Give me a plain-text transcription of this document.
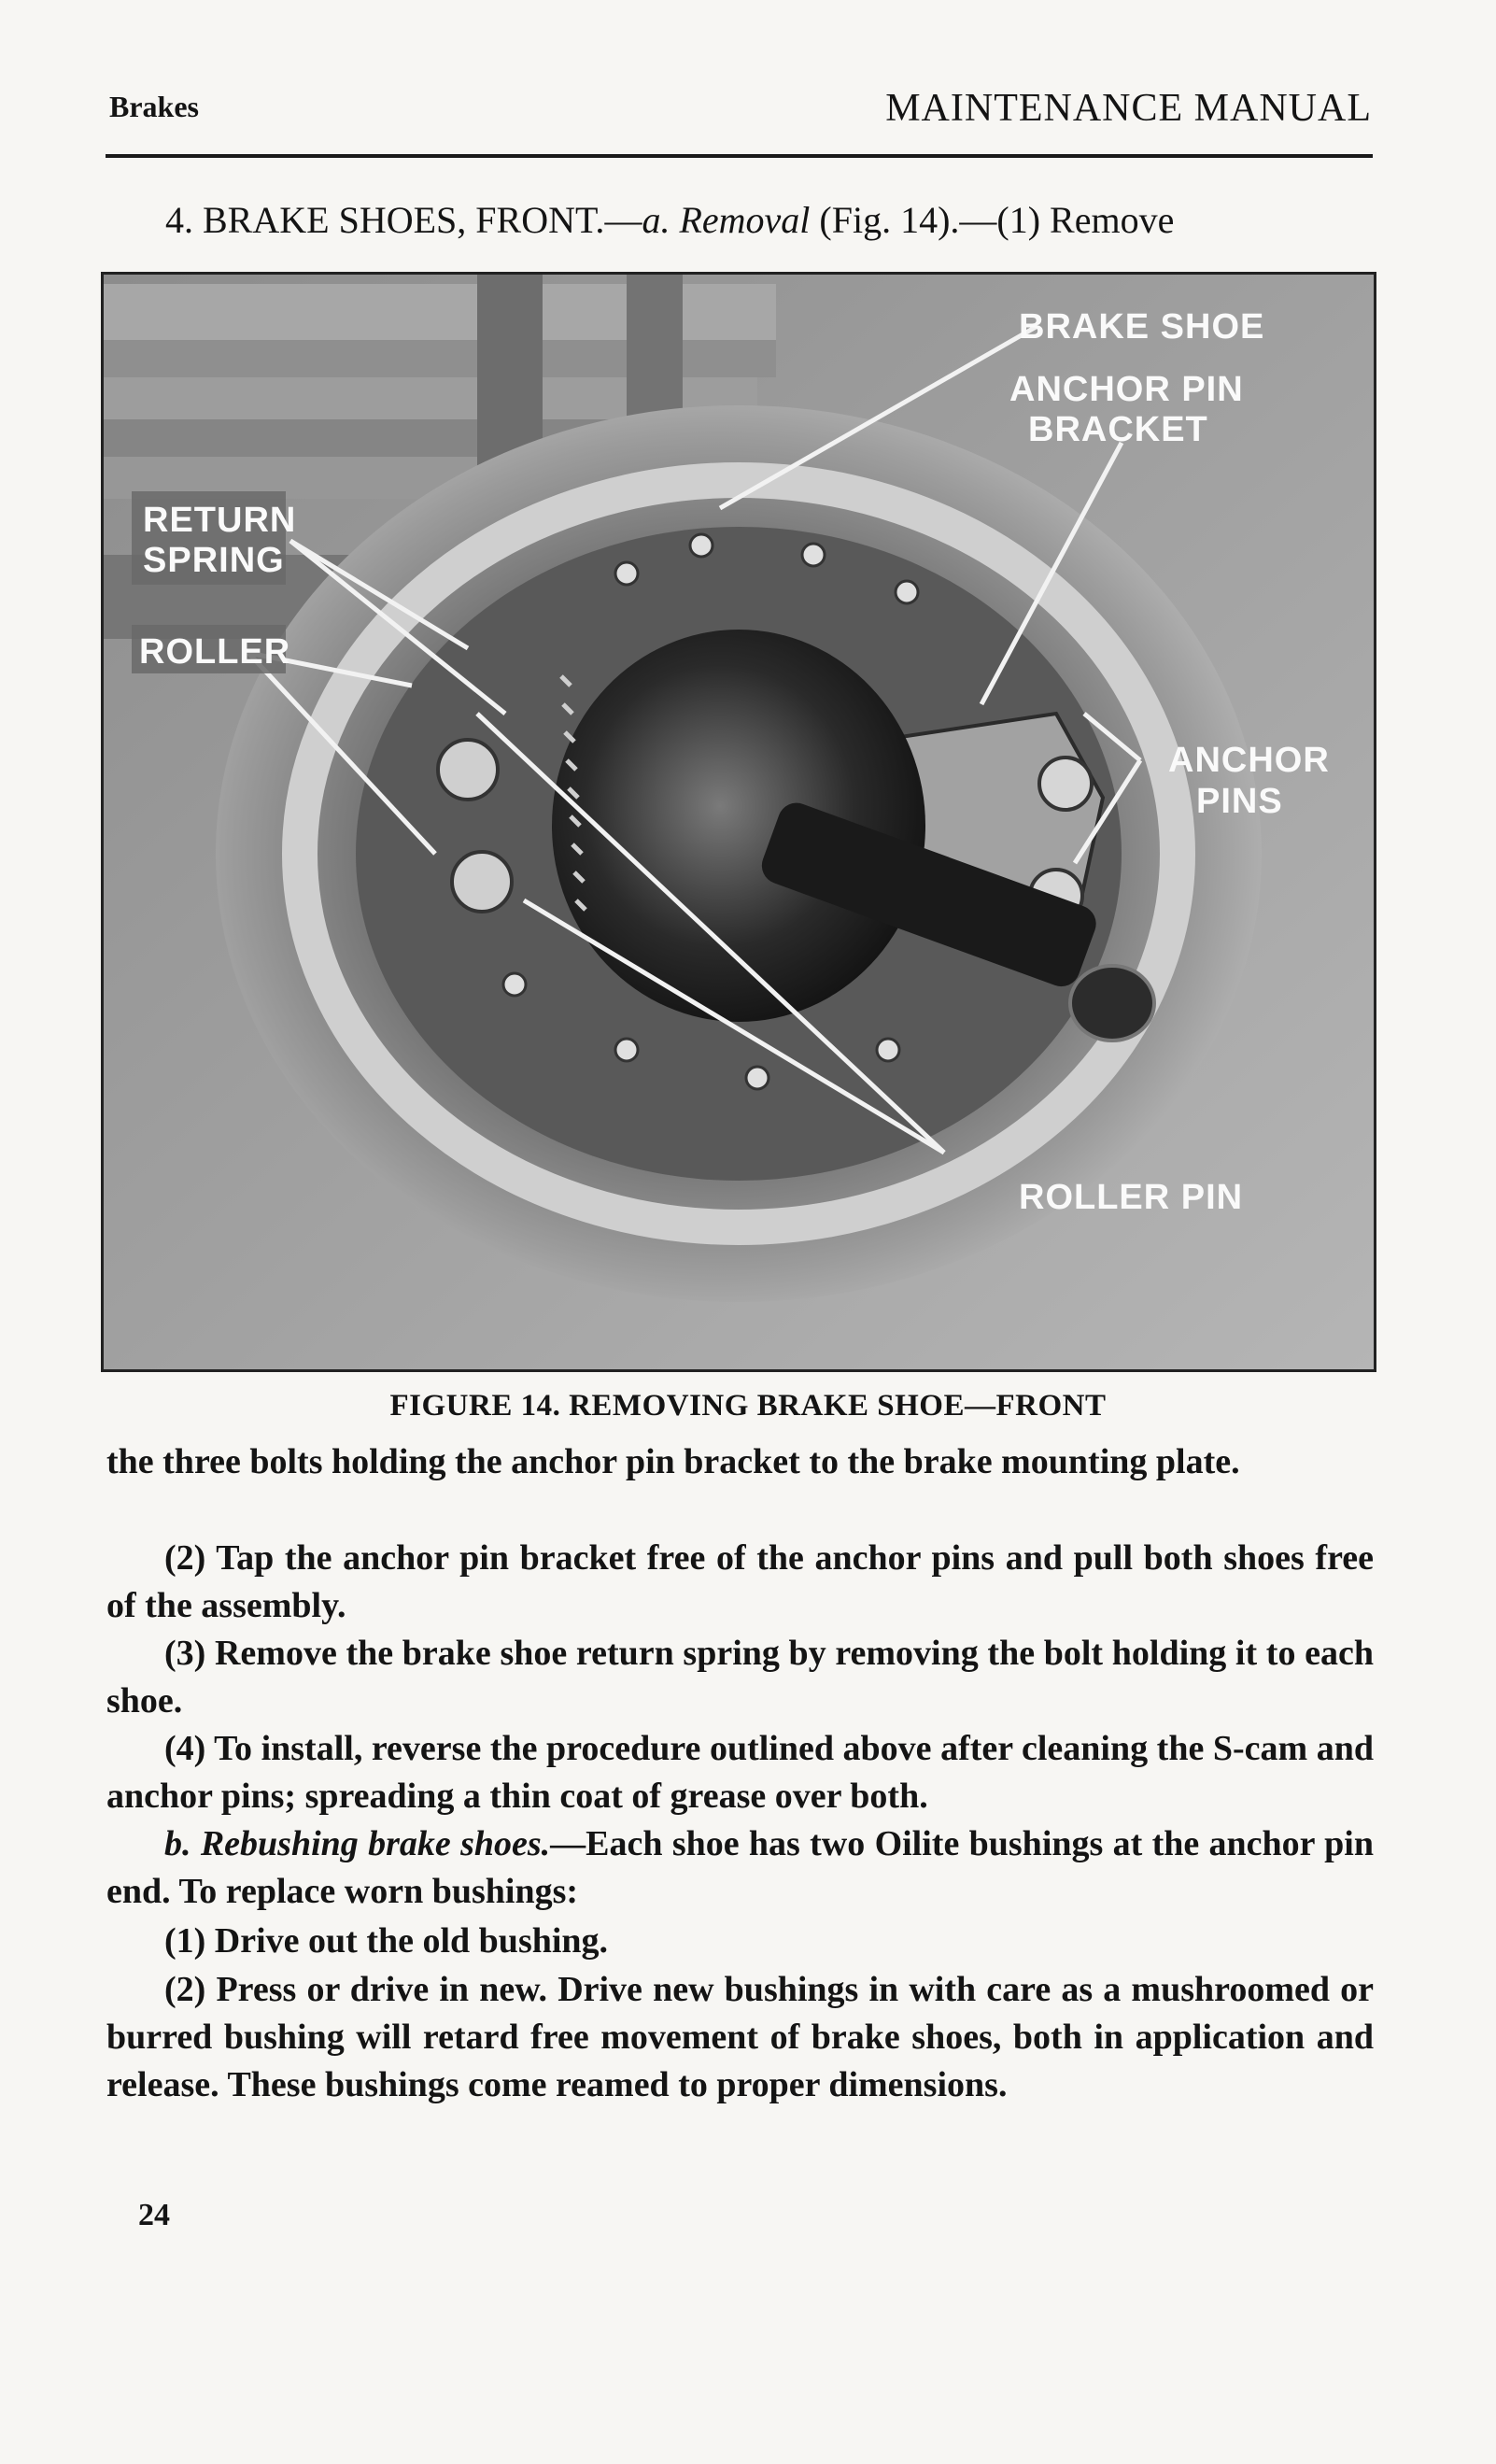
Brakes	MAINTENANCE MANUAL
4. BRAKE SHOES, FRONT.—a. Removal (Fig. 14).—(1) Remove
BRAKE SHOE
ANCHOR PIN
BRACKET
RETURN
SPRING
ANCHOR
PINS
ROLLER
ROLLER PIN
FIGURE 14. REMOVING BRAKE SHOE—FRONT
the three bolts holding the anchor pin bracket to the brake mounting plate.
(2) Tap the anchor pin bracket free of the anchor pins and pull both shoes free of the assembly.
(3) Remove the brake shoe return spring by removing the bolt holding it to each shoe.
(4) To install, reverse the procedure outlined above after cleaning the S-cam and anchor pins; spreading a thin coat of grease over both.
b. Rebushing brake shoes.—Each shoe has two Oilite bushings at the anchor pin end. To replace worn bushings:
(1) Drive out the old bushing.
(2) Press or drive in new. Drive new bushings in with care as a mushroomed or burred bushing will retard free movement of brake shoes, both in application and release. These bushings come reamed to proper dimensions.
24
